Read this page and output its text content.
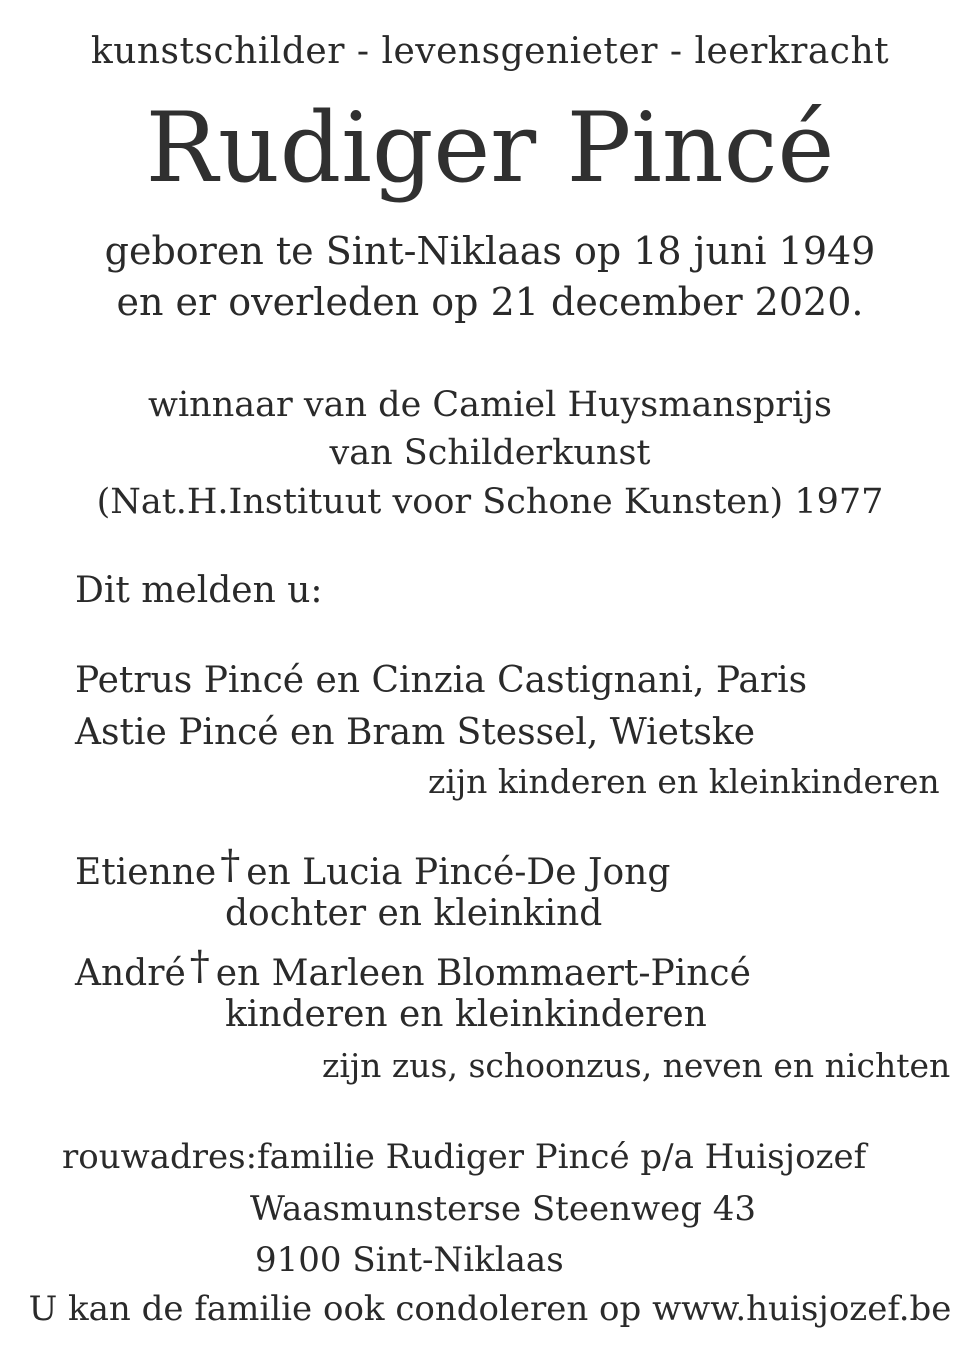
kunstschilder - levensgenieter - leerkracht
Rudiger Pincé
geboren te Sint-Niklaas op 18 juni 1949
en er overleden op 21 december 2020.
winnaar van de Camiel Huysmansprijs
van Schilderkunst
(Nat.H.Instituut voor Schone Kunsten) 1977
Dit melden u:
Petrus Pincé en Cinzia Castignani, Paris
Astie Pincé en Bram Stessel, Wietske
zijn kinderen en kleinkinderen
Etienne † en Lucia Pincé-De Jong
dochter en kleinkind
André † en Marleen Blommaert-Pincé
kinderen en kleinkinderen
zijn zus, schoonzus, neven en nichten
rouwadres:familie Rudiger Pincé p/a Huisjozef
Waasmunsterse Steenweg 43
9100 Sint-Niklaas
U kan de familie ook condoleren op www.huisjozef.be
